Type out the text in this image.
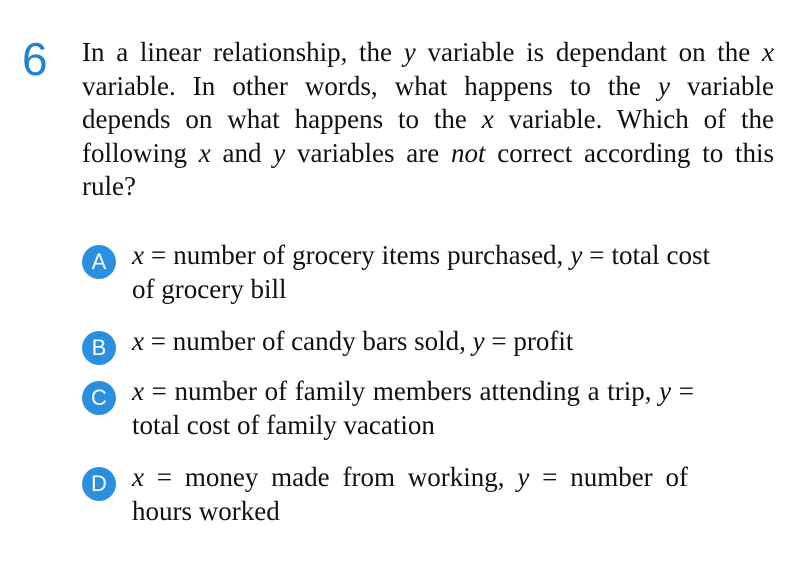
6 In a linear relationship, the y variable is dependant on the x variable. In other words, what happens to the y variable depends on what happens to the x variable. Which of the following x and y variables are not correct according to this rule?

A x = number of grocery items purchased, y = total cost of grocery bill

B x = number of candy bars sold, y = profit

C x = number of family members attending a trip, y = total cost of family vacation

D x = money made from working, y = number of hours worked
